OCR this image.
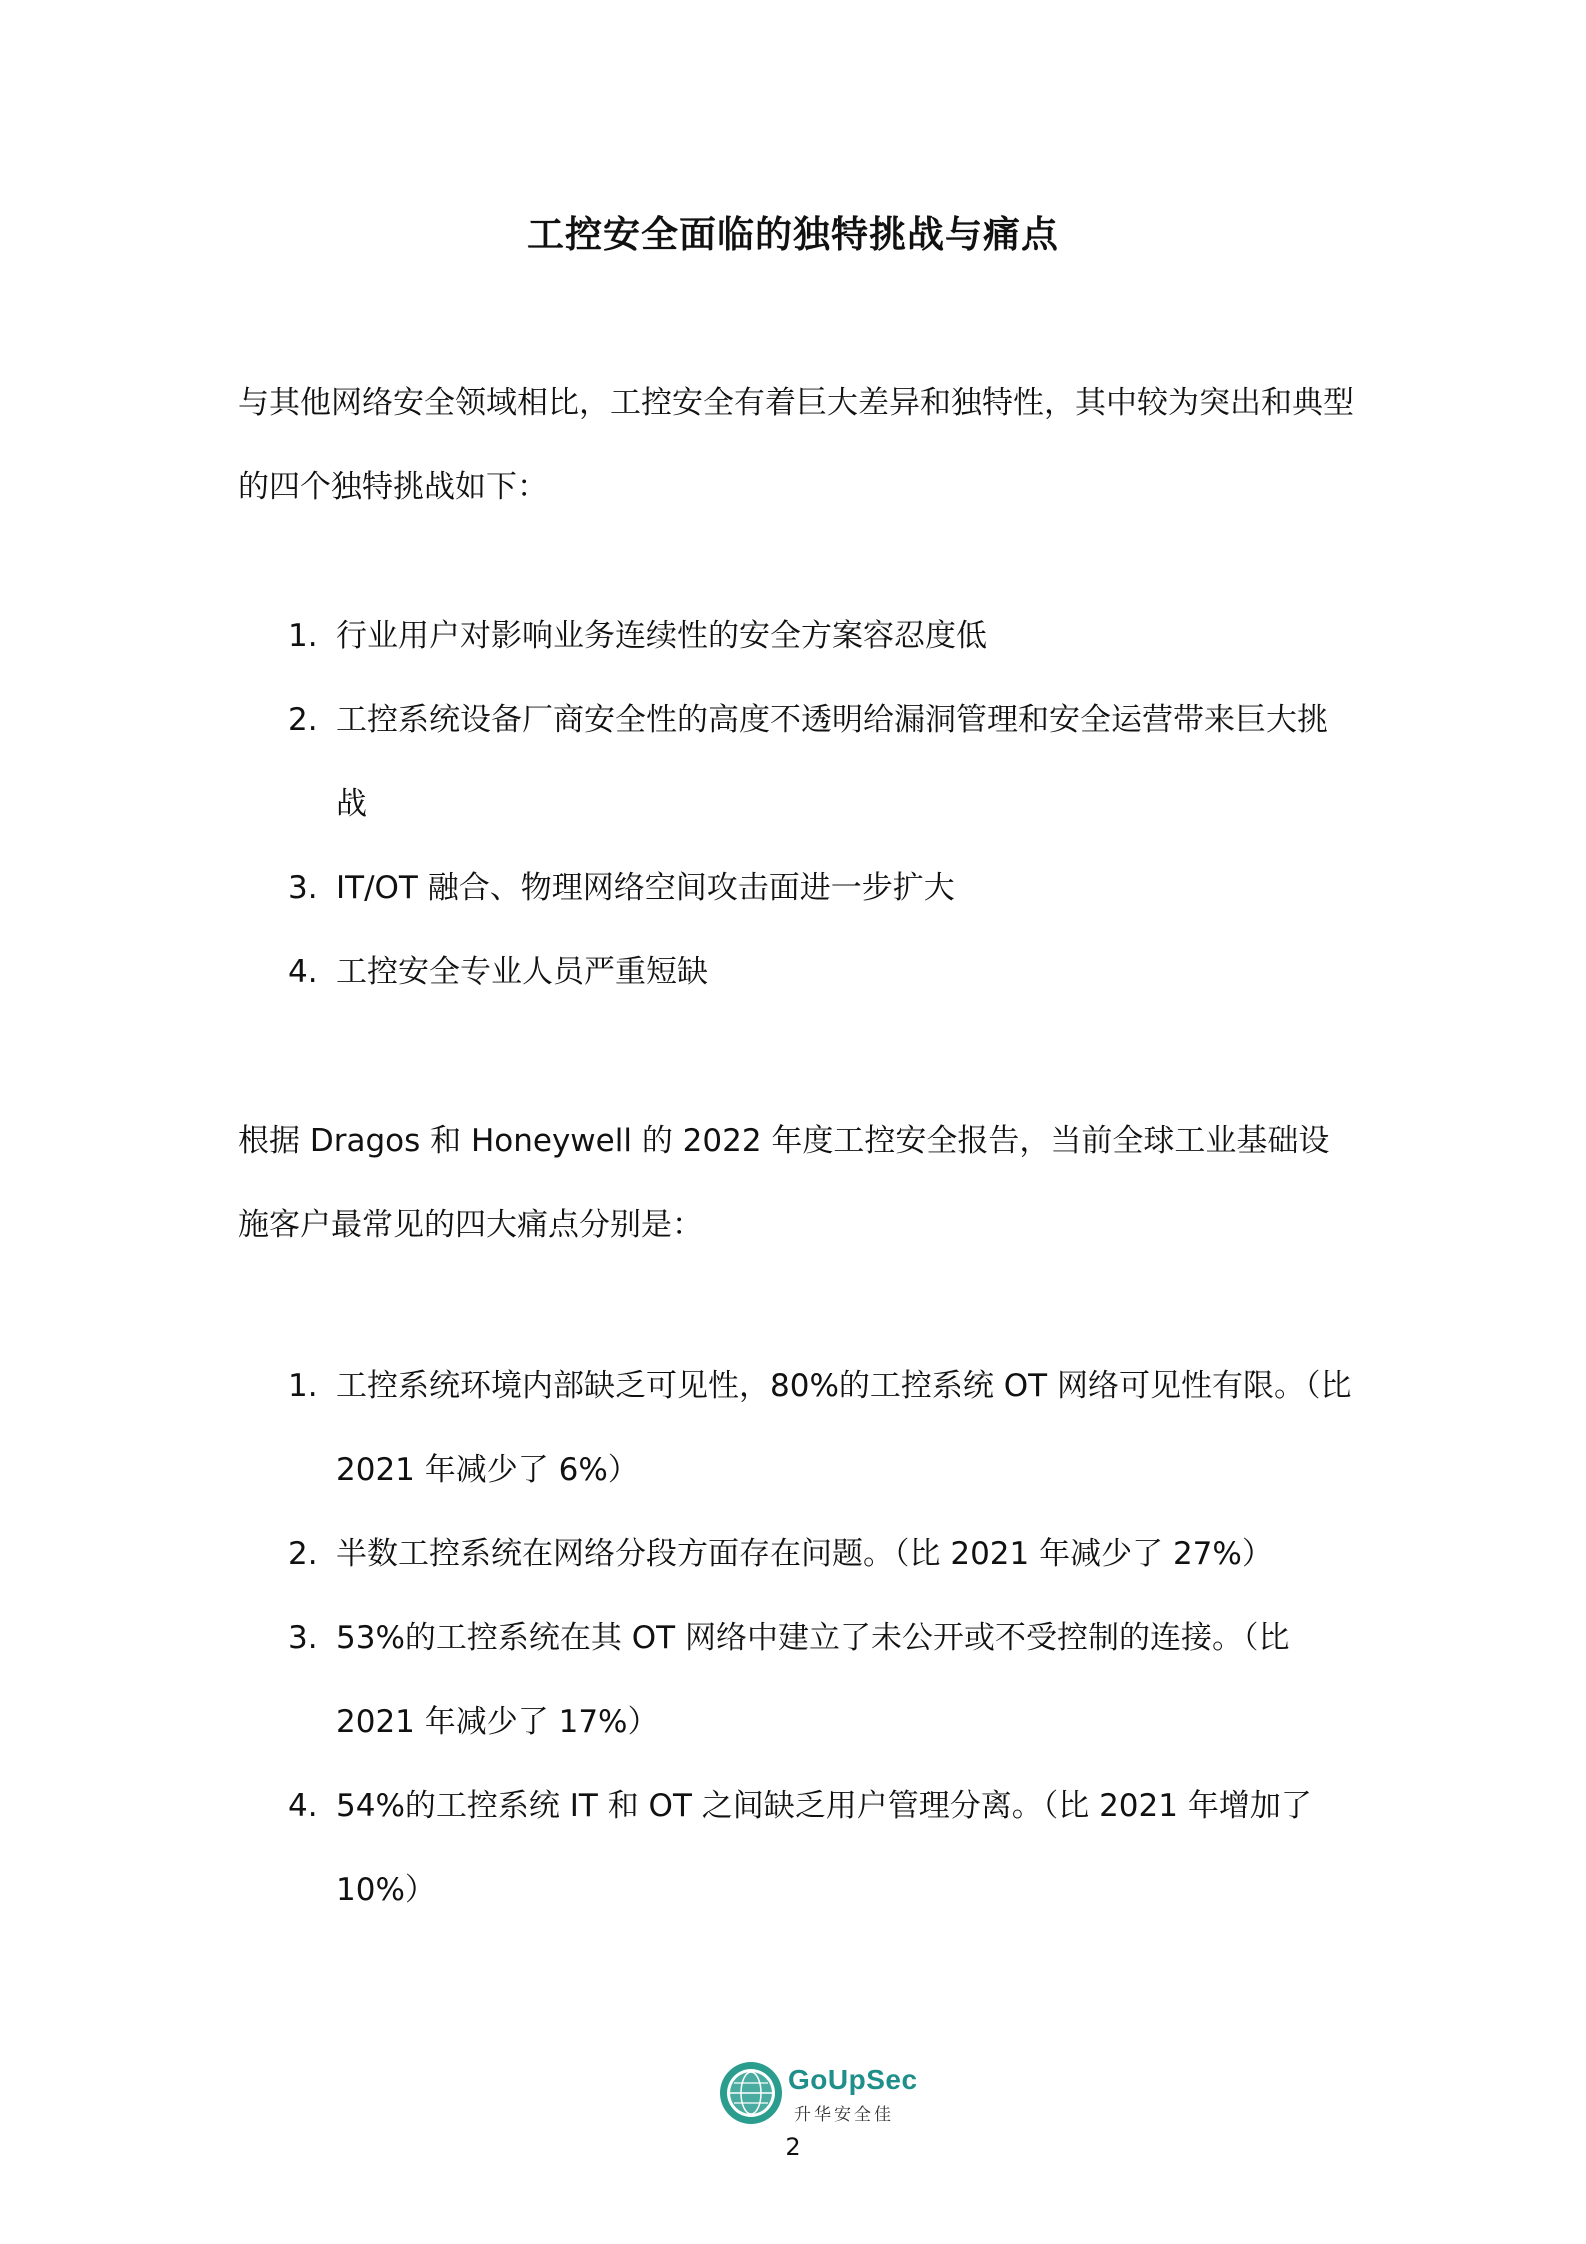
工控安全面临的独特挑战与痛点

与其他网络安全领域相比，工控安全有着巨大差异和独特性，其中较为突出和典型的四个独特挑战如下：

1. 行业用户对影响业务连续性的安全方案容忍度低
2. 工控系统设备厂商安全性的高度不透明给漏洞管理和安全运营带来巨大挑战
3. IT/OT 融合、物理网络空间攻击面进一步扩大
4. 工控安全专业人员严重短缺

根据 Dragos 和 Honeywell 的 2022 年度工控安全报告，当前全球工业基础设施客户最常见的四大痛点分别是：

1. 工控系统环境内部缺乏可见性，80%的工控系统 OT 网络可见性有限。（比 2021 年减少了 6%）
2. 半数工控系统在网络分段方面存在问题。（比 2021 年减少了 27%）
3. 53%的工控系统在其 OT 网络中建立了未公开或不受控制的连接。（比 2021 年减少了 17%）
4. 54%的工控系统 IT 和 OT 之间缺乏用户管理分离。（比 2021 年增加了 10%）
GoUpSec
升华安全佳
2
